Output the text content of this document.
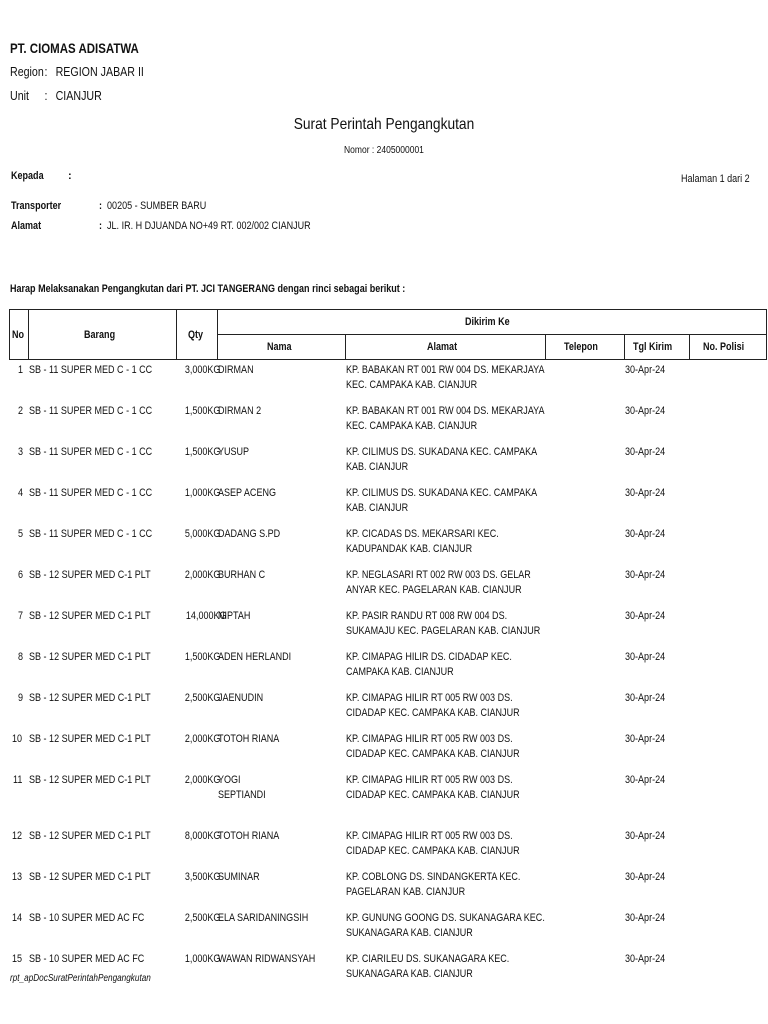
PT. CIOMAS ADISATWA
Region: REGION JABAR II
Unit : CIANJUR
Surat Perintah Pengangkutan
Nomor : 2405000001
Kepada	:	Halaman 1 dari 2
Transporter	: 00205 - SUMBER BARU
Alamat	: JL. IR. H DJUANDA NO+49 RT. 002/002 CIANJUR
Harap Melaksanakan Pengangkutan dari PT. JCI TANGERANG dengan rinci sebagai berikut :
No	Barang	Qty	Dikirim Ke				
			Nama	Alamat	Telepon	Tgl Kirim	No. Polisi
1	SB - 11 SUPER MED C - 1 CC	3,000KG	DIRMAN	KP. BABAKAN RT 001 RW 004 DS. MEKARJAYA KEC. CAMPAKA KAB. CIANJUR		30-Apr-24	
2	SB - 11 SUPER MED C - 1 CC	1,500KG	DIRMAN 2	KP. BABAKAN RT 001 RW 004 DS. MEKARJAYA KEC. CAMPAKA KAB. CIANJUR		30-Apr-24	
3	SB - 11 SUPER MED C - 1 CC	1,500KG	YUSUP	KP. CILIMUS DS. SUKADANA KEC. CAMPAKA KAB. CIANJUR		30-Apr-24	
4	SB - 11 SUPER MED C - 1 CC	1,000KG	ASEP ACENG	KP. CILIMUS DS. SUKADANA KEC. CAMPAKA KAB. CIANJUR		30-Apr-24	
5	SB - 11 SUPER MED C - 1 CC	5,000KG	DADANG S.PD	KP. CICADAS DS. MEKARSARI KEC. KADUPANDAK KAB. CIANJUR		30-Apr-24	
6	SB - 12 SUPER MED C-1 PLT	2,000KG	BURHAN C	KP. NEGLASARI RT 002 RW 003 DS. GELAR ANYAR KEC. PAGELARAN KAB. CIANJUR		30-Apr-24	
7	SB - 12 SUPER MED C-1 PLT	14,000KG	NIPTAH	KP. PASIR RANDU RT 008 RW 004 DS. SUKAMAJU KEC. PAGELARAN KAB. CIANJUR		30-Apr-24	
8	SB - 12 SUPER MED C-1 PLT	1,500KG	ADEN HERLANDI	KP. CIMAPAG HILIR DS. CIDADAP KEC. CAMPAKA KAB. CIANJUR		30-Apr-24	
9	SB - 12 SUPER MED C-1 PLT	2,500KG	JAENUDIN	KP. CIMAPAG HILIR RT 005 RW 003 DS. CIDADAP KEC. CAMPAKA KAB. CIANJUR		30-Apr-24	
10	SB - 12 SUPER MED C-1 PLT	2,000KG	TOTOH RIANA	KP. CIMAPAG HILIR RT 005 RW 003 DS. CIDADAP KEC. CAMPAKA KAB. CIANJUR		30-Apr-24	
11	SB - 12 SUPER MED C-1 PLT	2,000KG	YOGI SEPTIANDI	KP. CIMAPAG HILIR RT 005 RW 003 DS. CIDADAP KEC. CAMPAKA KAB. CIANJUR		30-Apr-24	
12	SB - 12 SUPER MED C-1 PLT	8,000KG	TOTOH RIANA	KP. CIMAPAG HILIR RT 005 RW 003 DS. CIDADAP KEC. CAMPAKA KAB. CIANJUR		30-Apr-24	
13	SB - 12 SUPER MED C-1 PLT	3,500KG	SUMINAR	KP. COBLONG DS. SINDANGKERTA KEC. PAGELARAN KAB. CIANJUR		30-Apr-24	
14	SB - 10 SUPER MED AC FC	2,500KG	ELA SARIDANINGSIH	KP. GUNUNG GOONG DS. SUKANAGARA KEC. SUKANAGARA KAB. CIANJUR		30-Apr-24	
15	SB - 10 SUPER MED AC FC	1,000KG	WAWAN RIDWANSYAH	KP. CIARILEU DS. SUKANAGARA KEC. SUKANAGARA KAB. CIANJUR		30-Apr-24	
rpt_apDocSuratPerintahPengangkutan
